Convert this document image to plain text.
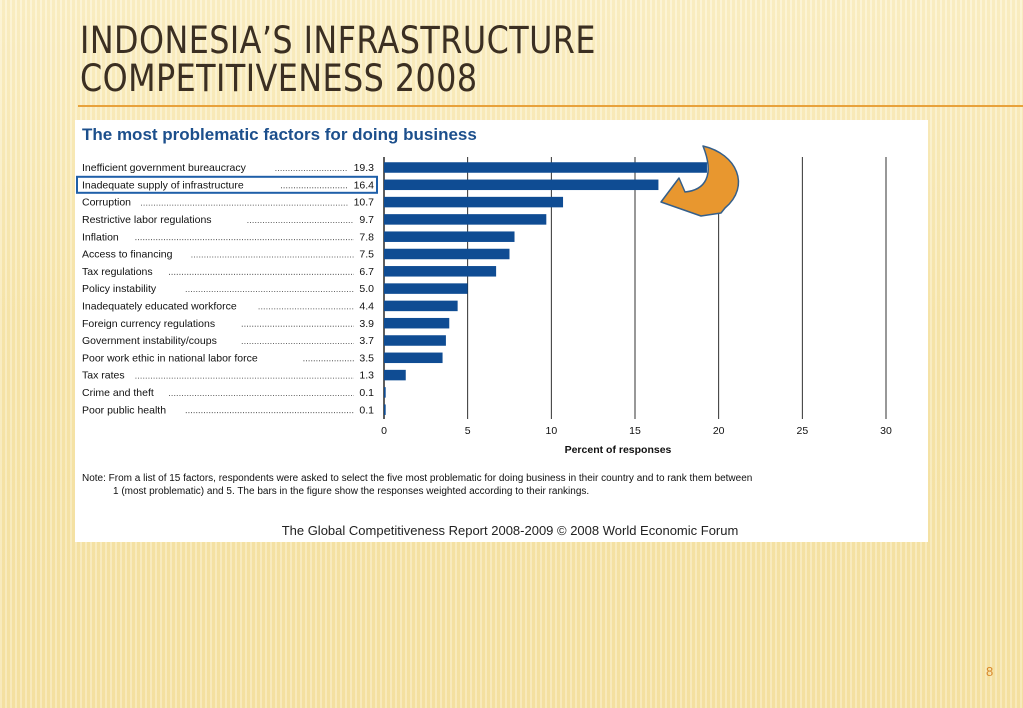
INDONESIA’S INFRASTRUCTURE
COMPETITIVENESS 2008
The most problematic factors for doing business
Inefficient government bureaucracy	19.3
Inadequate supply of infrastructure	16.4
Corruption	10.7
Restrictive labor regulations	9.7
Inflation	7.8
Access to financing	7.5
Tax regulations	6.7
Policy instability	5.0
Inadequately educated workforce	4.4
Foreign currency regulations	3.9
Government instability/coups	3.7
Poor work ethic in national labor force	3.5
Tax rates	1.3
Crime and theft	0.1
Poor public health	0.1
0	5	10	15	20	25	30
Percent of responses
Note: From a list of 15 factors, respondents were asked to select the five most problematic for doing business in their country and to rank them between
1 (most problematic) and 5. The bars in the figure show the responses weighted according to their rankings.
The Global Competitiveness Report 2008-2009 © 2008 World Economic Forum
8
